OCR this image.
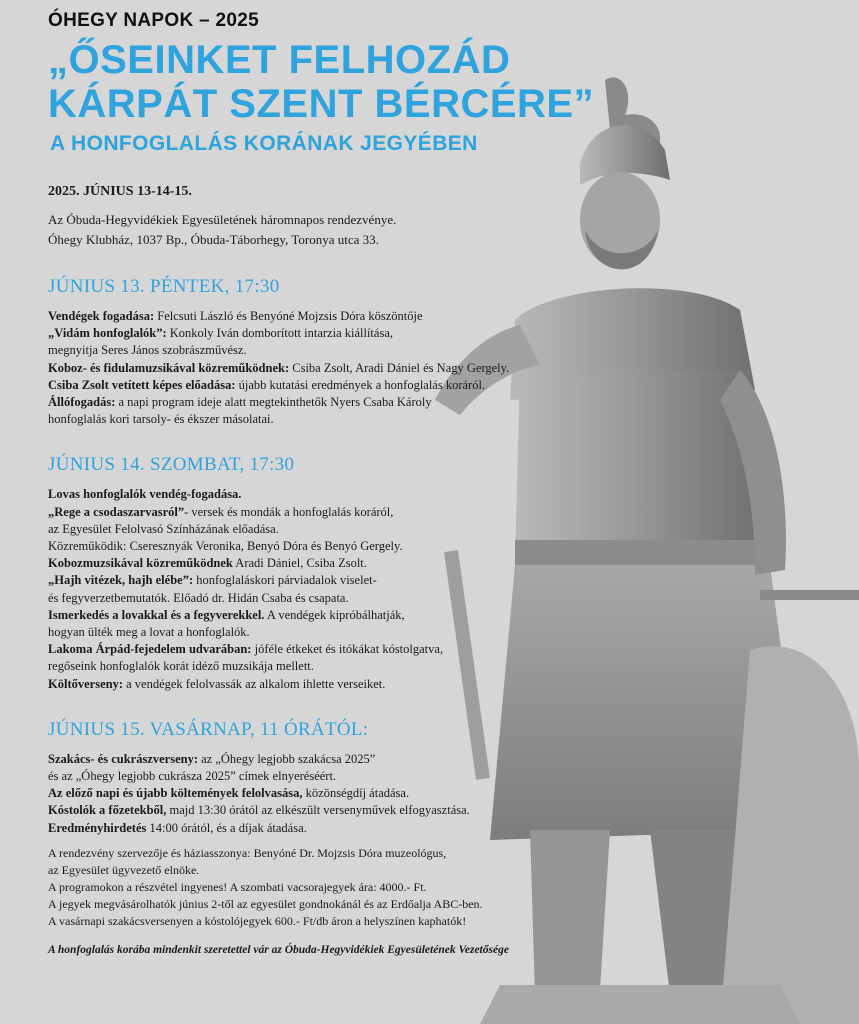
ÓHEGY NAPOK – 2025
„ŐSEINKET FELHOZÁD
KÁRPÁT SZENT BÉRCÉRE”
A HONFOGLALÁS KORÁNAK JEGYÉBEN
2025. JÚNIUS 13-14-15.
Az Óbuda-Hegyvidékiek Egyesületének háromnapos rendezvénye.
Óhegy Klubház, 1037 Bp., Óbuda-Táborhegy, Toronya utca 33.
JÚNIUS 13. PÉNTEK, 17:30
Vendégek fogadása: Felcsuti László és Benyóné Mojzsis Dóra köszöntője
„Vidám honfoglalók”: Konkoly Iván domborított intarzia kiállítása,
megnyitja Seres János szobrászművész.
Koboz- és fidulamuzsikával közreműködnek: Csiba Zsolt, Aradi Dániel és Nagy Gergely.
Csiba Zsolt vetített képes előadása: újabb kutatási eredmények a honfoglalás koráról.
Állófogadás: a napi program ideje alatt megtekinthetők Nyers Csaba Károly
honfoglalás kori tarsoly- és ékszer másolatai.
JÚNIUS 14. SZOMBAT, 17:30
Lovas honfoglalók vendég-fogadása.
„Rege a csodaszarvasról”- versek és mondák a honfoglalás koráról,
az Egyesület Felolvasó Színházának előadása.
Közreműködik: Cseresznyák Veronika, Benyó Dóra és Benyó Gergely.
Kobozmuzsikával közreműködnek Aradi Dániel, Csiba Zsolt.
„Hajh vitézek, hajh elébe”: honfoglaláskori párviadalok viselet-
és fegyverzetbemutatók. Előadó dr. Hidán Csaba és csapata.
Ismerkedés a lovakkal és a fegyverekkel. A vendégek kipróbálhatják,
hogyan ülték meg a lovat a honfoglalók.
Lakoma Árpád-fejedelem udvarában: jóféle étkeket és itókákat kóstolgatva,
regőseink honfoglalók korát idéző muzsikája mellett.
Költőverseny: a vendégek felolvassák az alkalom ihlette verseiket.
JÚNIUS 15. VASÁRNAP, 11 ÓRÁTÓL:
Szakács- és cukrászverseny: az „Óhegy legjobb szakácsa 2025”
és az „Óhegy legjobb cukrásza 2025” címek elnyeréséért.
Az előző napi és újabb költemények felolvasása, közönségdíj átadása.
Kóstolók a főzetekből, majd 13:30 órától az elkészült versenyművek elfogyasztása.
Eredményhirdetés 14:00 órától, és a díjak átadása.
A rendezvény szervezője és háziasszonya: Benyóné Dr. Mojzsis Dóra muzeológus,
az Egyesület ügyvezető elnöke.
A programokon a részvétel ingyenes! A szombati vacsorajegyek ára: 4000.- Ft.
A jegyek megvásárolhatók június 2-től az egyesület gondnokánál és az Erdőalja ABC-ben.
A vasárnapi szakácsversenyen a kóstolójegyek 600.- Ft/db áron a helyszínen kaphatók!
A honfoglalás korába mindenkit szeretettel vár az Óbuda-Hegyvidékiek Egyesületének Vezetősége
